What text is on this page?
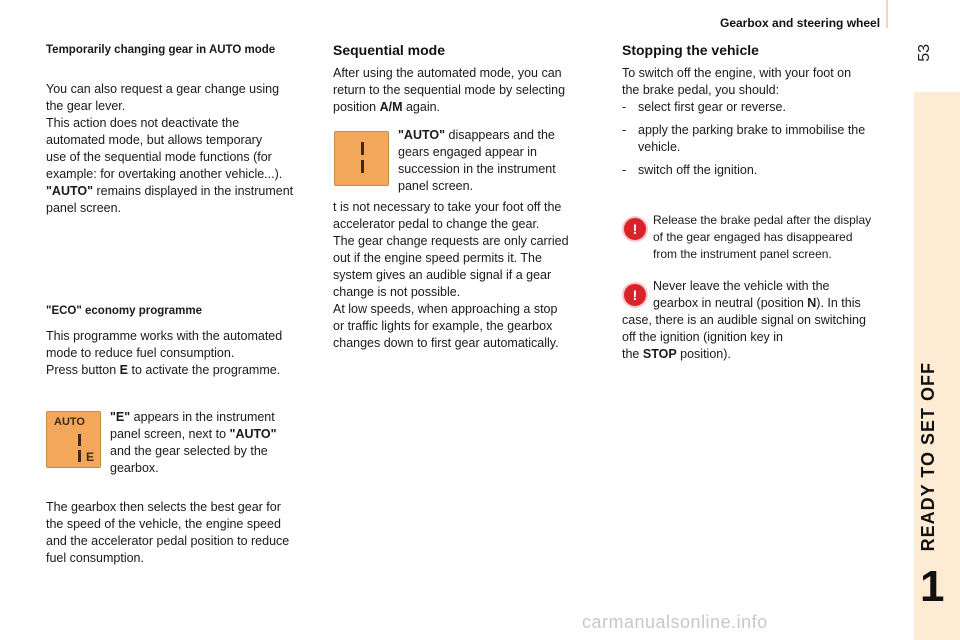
Gearbox and steering wheel
53
READY TO SET OFF
1

Temporarily changing gear in AUTO mode

You can also request a gear change using

the gear lever.

This action does not deactivate the

automated mode, but allows temporary

use of the sequential mode functions (for

example: for overtaking another vehicle...).

"AUTO" remains displayed in the instrument

panel screen.

"ECO" economy programme

This programme works with the automated

mode to reduce fuel consumption.

Press button E to activate the programme.

AUTO
E

"E" appears in the instrument

panel screen, next to "AUTO"

and the gear selected by the

gearbox.

The gearbox then selects the best gear for

the speed of the vehicle, the engine speed

and the accelerator pedal position to reduce

fuel consumption.

Sequential mode

After using the automated mode, you can

return to the sequential mode by selecting

position A/M again.

"AUTO" disappears and the

gears engaged appear in

succession in the instrument

panel screen.

t is not necessary to take your foot off the

accelerator pedal to change the gear.

The gear change requests are only carried

out if the engine speed permits it. The

system gives an audible signal if a gear

change is not possible.

At low speeds, when approaching a stop

or traffic lights for example, the gearbox

changes down to first gear automatically.

Stopping the vehicle

To switch off the engine, with your foot on

the brake pedal, you should:

-select first gear or reverse.

-apply the parking brake to immobilise the

vehicle.

-switch off the ignition.

!

Release the brake pedal after the display

of the gear engaged has disappeared

from the instrument panel screen.

!

Never leave the vehicle with the

gearbox in neutral (position N). In this

case, there is an audible signal on switching

off the ignition (ignition key in

the STOP position).

carmanualsonline.info
